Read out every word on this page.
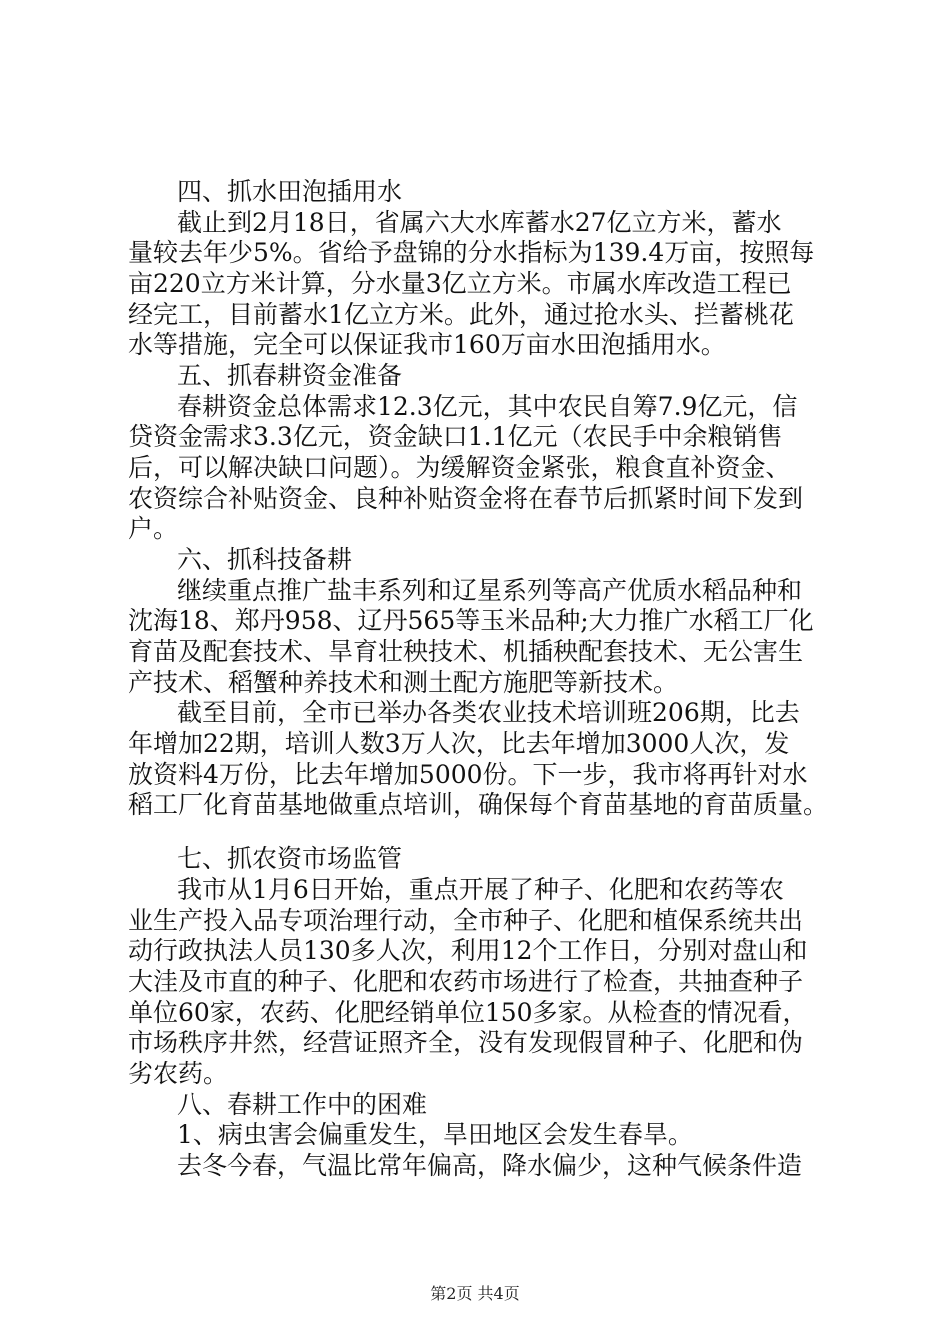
四、抓水田泡插用水
截止到2月18日，省属六大水库蓄水27亿立方米，蓄水
量较去年少5%。省给予盘锦的分水指标为139.4万亩，按照每
亩220立方米计算，分水量3亿立方米。市属水库改造工程已
经完工，目前蓄水1亿立方米。此外，通过抢水头、拦蓄桃花
水等措施，完全可以保证我市160万亩水田泡插用水。
五、抓春耕资金准备
春耕资金总体需求12.3亿元，其中农民自筹7.9亿元，信
贷资金需求3.3亿元，资金缺口1.1亿元（农民手中余粮销售
后，可以解决缺口问题）。为缓解资金紧张，粮食直补资金、
农资综合补贴资金、良种补贴资金将在春节后抓紧时间下发到
户。
六、抓科技备耕
继续重点推广盐丰系列和辽星系列等高产优质水稻品种和
沈海18、郑丹958、辽丹565等玉米品种;大力推广水稻工厂化
育苗及配套技术、旱育壮秧技术、机插秧配套技术、无公害生
产技术、稻蟹种养技术和测土配方施肥等新技术。
截至目前，全市已举办各类农业技术培训班206期，比去
年增加22期，培训人数3万人次，比去年增加3000人次，发
放资料4万份，比去年增加5000份。下一步，我市将再针对水
稻工厂化育苗基地做重点培训，确保每个育苗基地的育苗质量。
七、抓农资市场监管
我市从1月6日开始，重点开展了种子、化肥和农药等农
业生产投入品专项治理行动，全市种子、化肥和植保系统共出
动行政执法人员130多人次，利用12个工作日，分别对盘山和
大洼及市直的种子、化肥和农药市场进行了检查，共抽查种子
单位60家，农药、化肥经销单位150多家。从检查的情况看，
市场秩序井然，经营证照齐全，没有发现假冒种子、化肥和伪
劣农药。
八、春耕工作中的困难
1、病虫害会偏重发生，旱田地区会发生春旱。
去冬今春，气温比常年偏高，降水偏少，这种气候条件造
第2页 共4页
